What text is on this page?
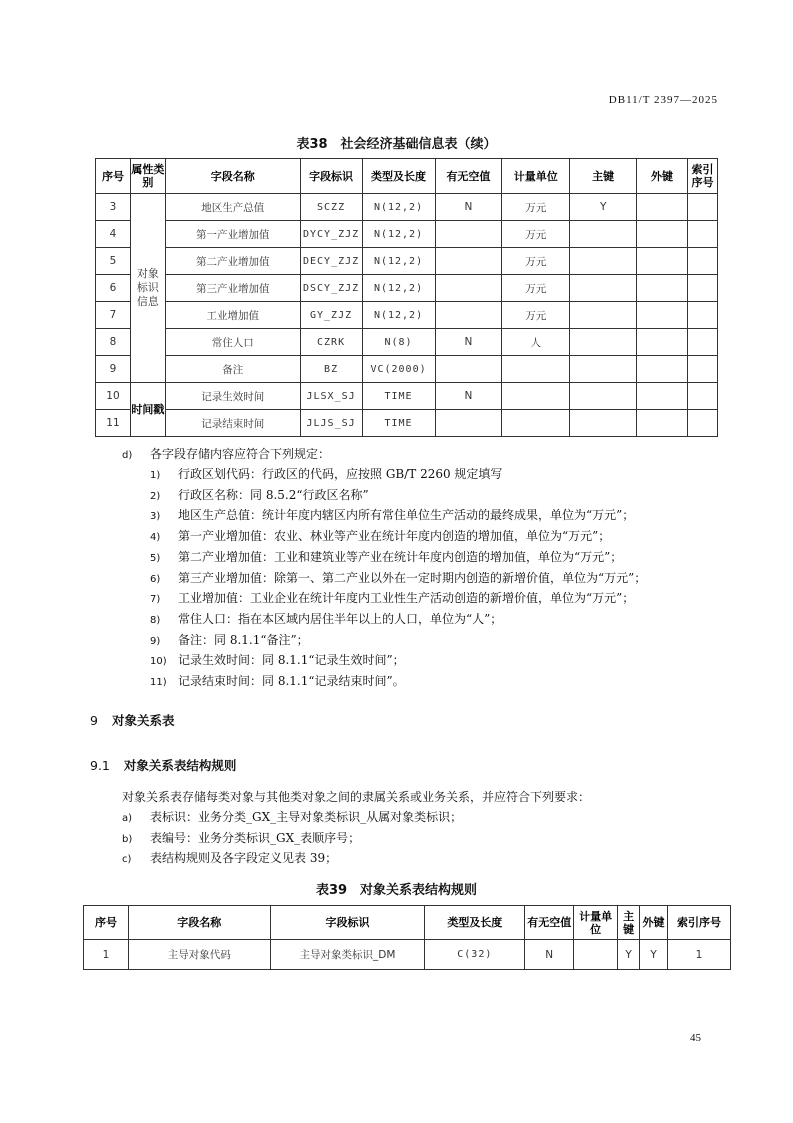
DB11/T 2397—2025
表38　社会经济基础信息表（续）
序号	属性类别	字段名称	字段标识	类型及长度	有无空值	计量单位	主键	外键	索引序号
3	对象标识信息	地区生产总值	SCZZ	N(12,2)	N	万元	Y		
4		第一产业增加值	DYCY_ZJZ	N(12,2)		万元			
5		第二产业增加值	DECY_ZJZ	N(12,2)		万元			
6		第三产业增加值	DSCY_ZJZ	N(12,2)		万元			
7		工业增加值	GY_ZJZ	N(12,2)		万元			
8		常住人口	CZRK	N(8)	N	人			
9		备注	BZ	VC(2000)					
10	时间戳	记录生效时间	JLSX_SJ	TIME	N				
11		记录结束时间	JLJS_SJ	TIME					
d) 各字段存储内容应符合下列规定：
1) 行政区划代码：行政区的代码，应按照 GB/T 2260 规定填写
2) 行政区名称：同 8.5.2“行政区名称”
3) 地区生产总值：统计年度内辖区内所有常住单位生产活动的最终成果，单位为“万元”；
4) 第一产业增加值：农业、林业等产业在统计年度内创造的增加值，单位为“万元”；
5) 第二产业增加值：工业和建筑业等产业在统计年度内创造的增加值，单位为“万元”；
6) 第三产业增加值：除第一、第二产业以外在一定时期内创造的新增价值，单位为“万元”；
7) 工业增加值：工业企业在统计年度内工业性生产活动创造的新增价值，单位为“万元”；
8) 常住人口：指在本区域内居住半年以上的人口，单位为“人”；
9) 备注：同 8.1.1“备注”；
10) 记录生效时间：同 8.1.1“记录生效时间”；
11) 记录结束时间：同 8.1.1“记录结束时间”。
9 对象关系表
9.1 对象关系表结构规则
对象关系表存储每类对象与其他类对象之间的隶属关系或业务关系，并应符合下列要求：
a) 表标识：业务分类_GX_主导对象类标识_从属对象类标识；
b) 表编号：业务分类标识_GX_表顺序号；
c) 表结构规则及各字段定义见表 39；
表39　对象关系表结构规则
序号	字段名称	字段标识	类型及长度	有无空值	计量单位	主键	外键	索引序号
1	主导对象代码	主导对象类标识_DM	C(32)	N		Y	Y	1
45
